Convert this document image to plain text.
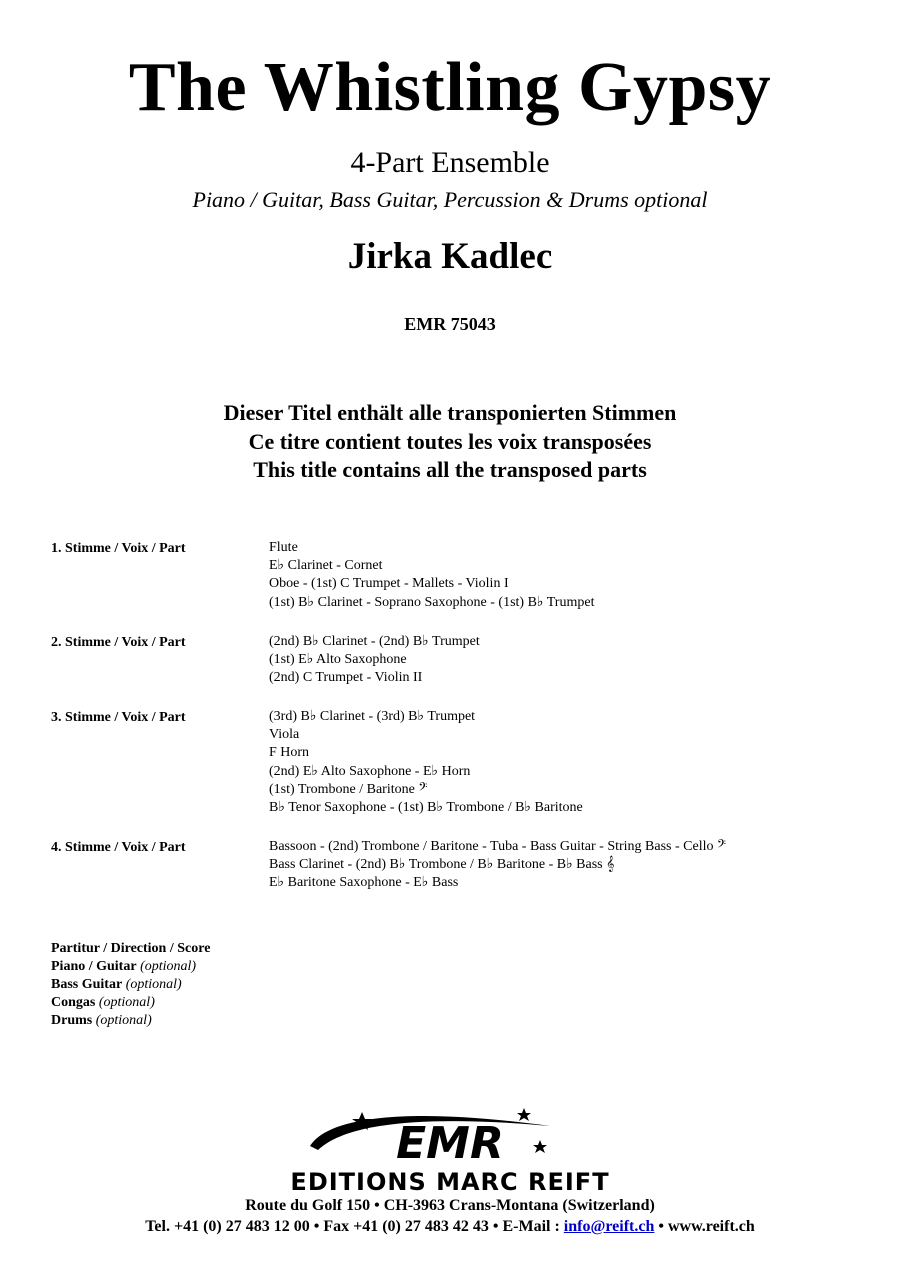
The Whistling Gypsy
4-Part Ensemble
Piano / Guitar, Bass Guitar, Percussion & Drums optional
Jirka Kadlec
EMR 75043
Dieser Titel enthält alle transponierten Stimmen
Ce titre contient toutes les voix transposées
This title contains all the transposed parts
1. Stimme / Voix / Part	Flute
E♭ Clarinet - Cornet
Oboe - (1st) C Trumpet - Mallets - Violin I
(1st) B♭ Clarinet - Soprano Saxophone - (1st) B♭ Trumpet
2. Stimme / Voix / Part	(2nd) B♭ Clarinet - (2nd) B♭ Trumpet
(1st) E♭ Alto Saxophone
(2nd) C Trumpet - Violin II
3. Stimme / Voix / Part	(3rd) B♭ Clarinet - (3rd) B♭ Trumpet
Viola
F Horn
(2nd) E♭ Alto Saxophone - E♭ Horn
(1st) Trombone / Baritone 𝄢
B♭ Tenor Saxophone - (1st) B♭ Trombone / B♭ Baritone
4. Stimme / Voix / Part	Bassoon - (2nd) Trombone / Baritone - Tuba - Bass Guitar - String Bass - Cello 𝄢
Bass Clarinet - (2nd) B♭ Trombone / B♭ Baritone - B♭ Bass 𝄞
E♭ Baritone Saxophone - E♭ Bass
Partitur / Direction / Score
Piano / Guitar (optional)
Bass Guitar (optional)
Congas (optional)
Drums (optional)
EMR
EDITIONS MARC REIFT
Route du Golf 150 • CH-3963 Crans-Montana (Switzerland)
Tel. +41 (0) 27 483 12 00 • Fax +41 (0) 27 483 42 43 • E-Mail : info@reift.ch • www.reift.ch
